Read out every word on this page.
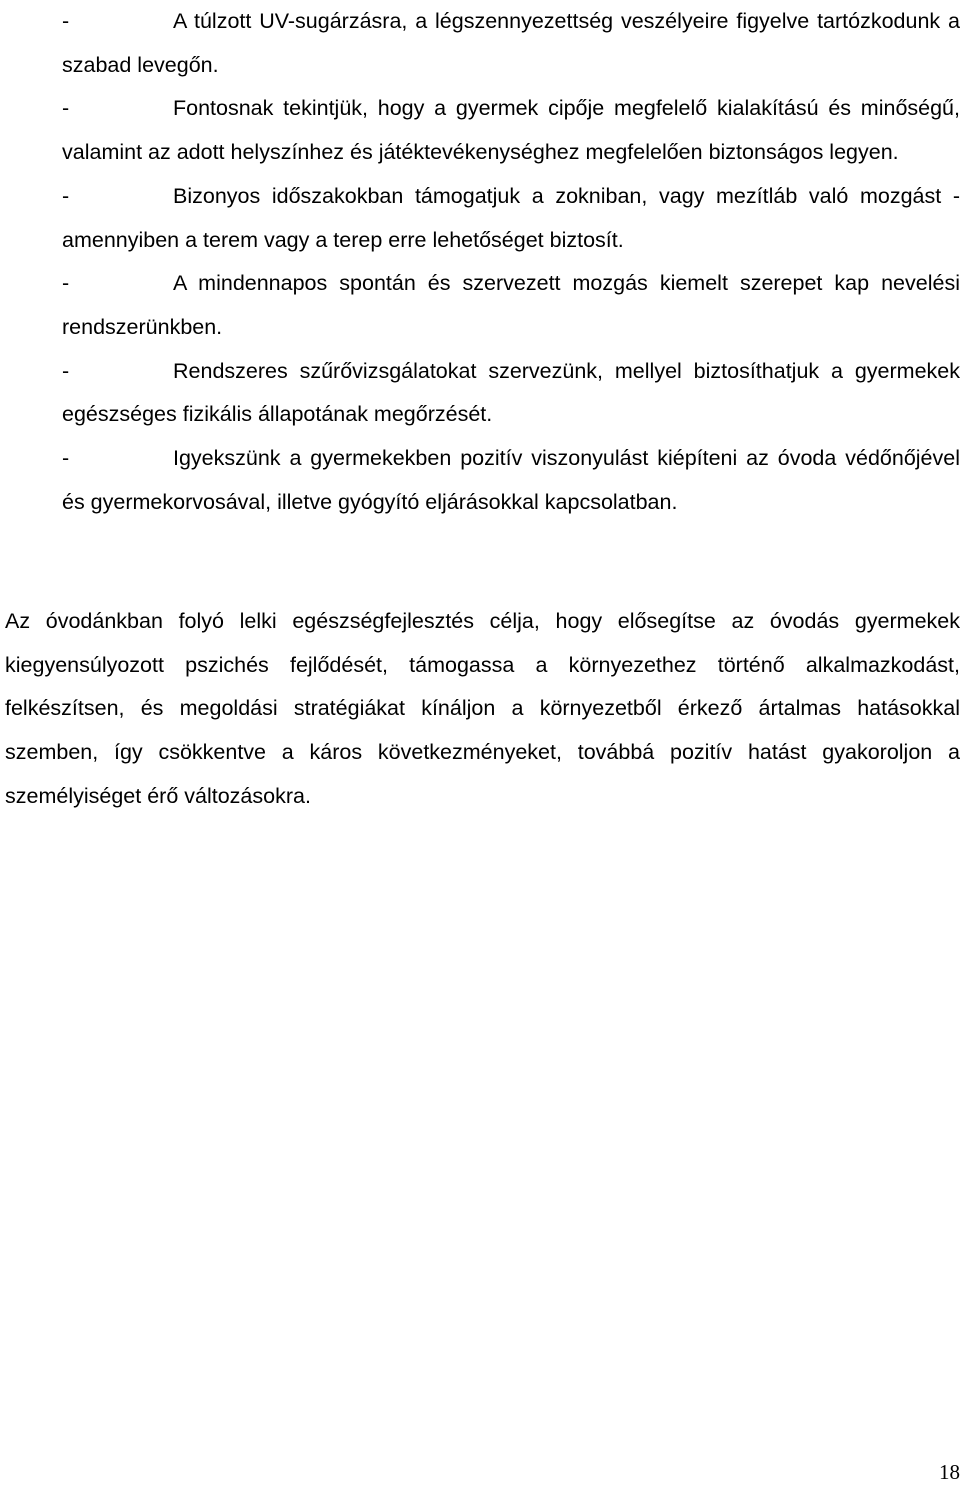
-	A túlzott UV-sugárzásra, a légszennyezettség veszélyeire figyelve tartózkodunk a szabad levegőn.

-	Fontosnak tekintjük, hogy a gyermek cipője megfelelő kialakítású és minőségű, valamint az adott helyszínhez és játéktevékenységhez megfelelően biztonságos legyen.

-	Bizonyos időszakokban támogatjuk a zokniban, vagy mezítláb való mozgást - amennyiben a terem vagy a terep erre lehetőséget biztosít.

-	A mindennapos spontán és szervezett mozgás kiemelt szerepet kap nevelési rendszerünkben.

-	Rendszeres szűrővizsgálatokat szervezünk, mellyel biztosíthatjuk a gyermekek egészséges fizikális állapotának megőrzését.

-	Igyekszünk a gyermekekben pozitív viszonyulást kiépíteni az óvoda védőnőjével és gyermekorvosával, illetve gyógyító eljárásokkal kapcsolatban.

Az óvodánkban folyó lelki egészségfejlesztés célja, hogy elősegítse az óvodás gyermekek kiegyensúlyozott pszichés fejlődését, támogassa a környezethez történő alkalmazkodást, felkészítsen, és megoldási stratégiákat kínáljon a környezetből érkező ártalmas hatásokkal szemben, így csökkentve a káros következményeket, továbbá pozitív hatást gyakoroljon a személyiséget érő változásokra.

18
